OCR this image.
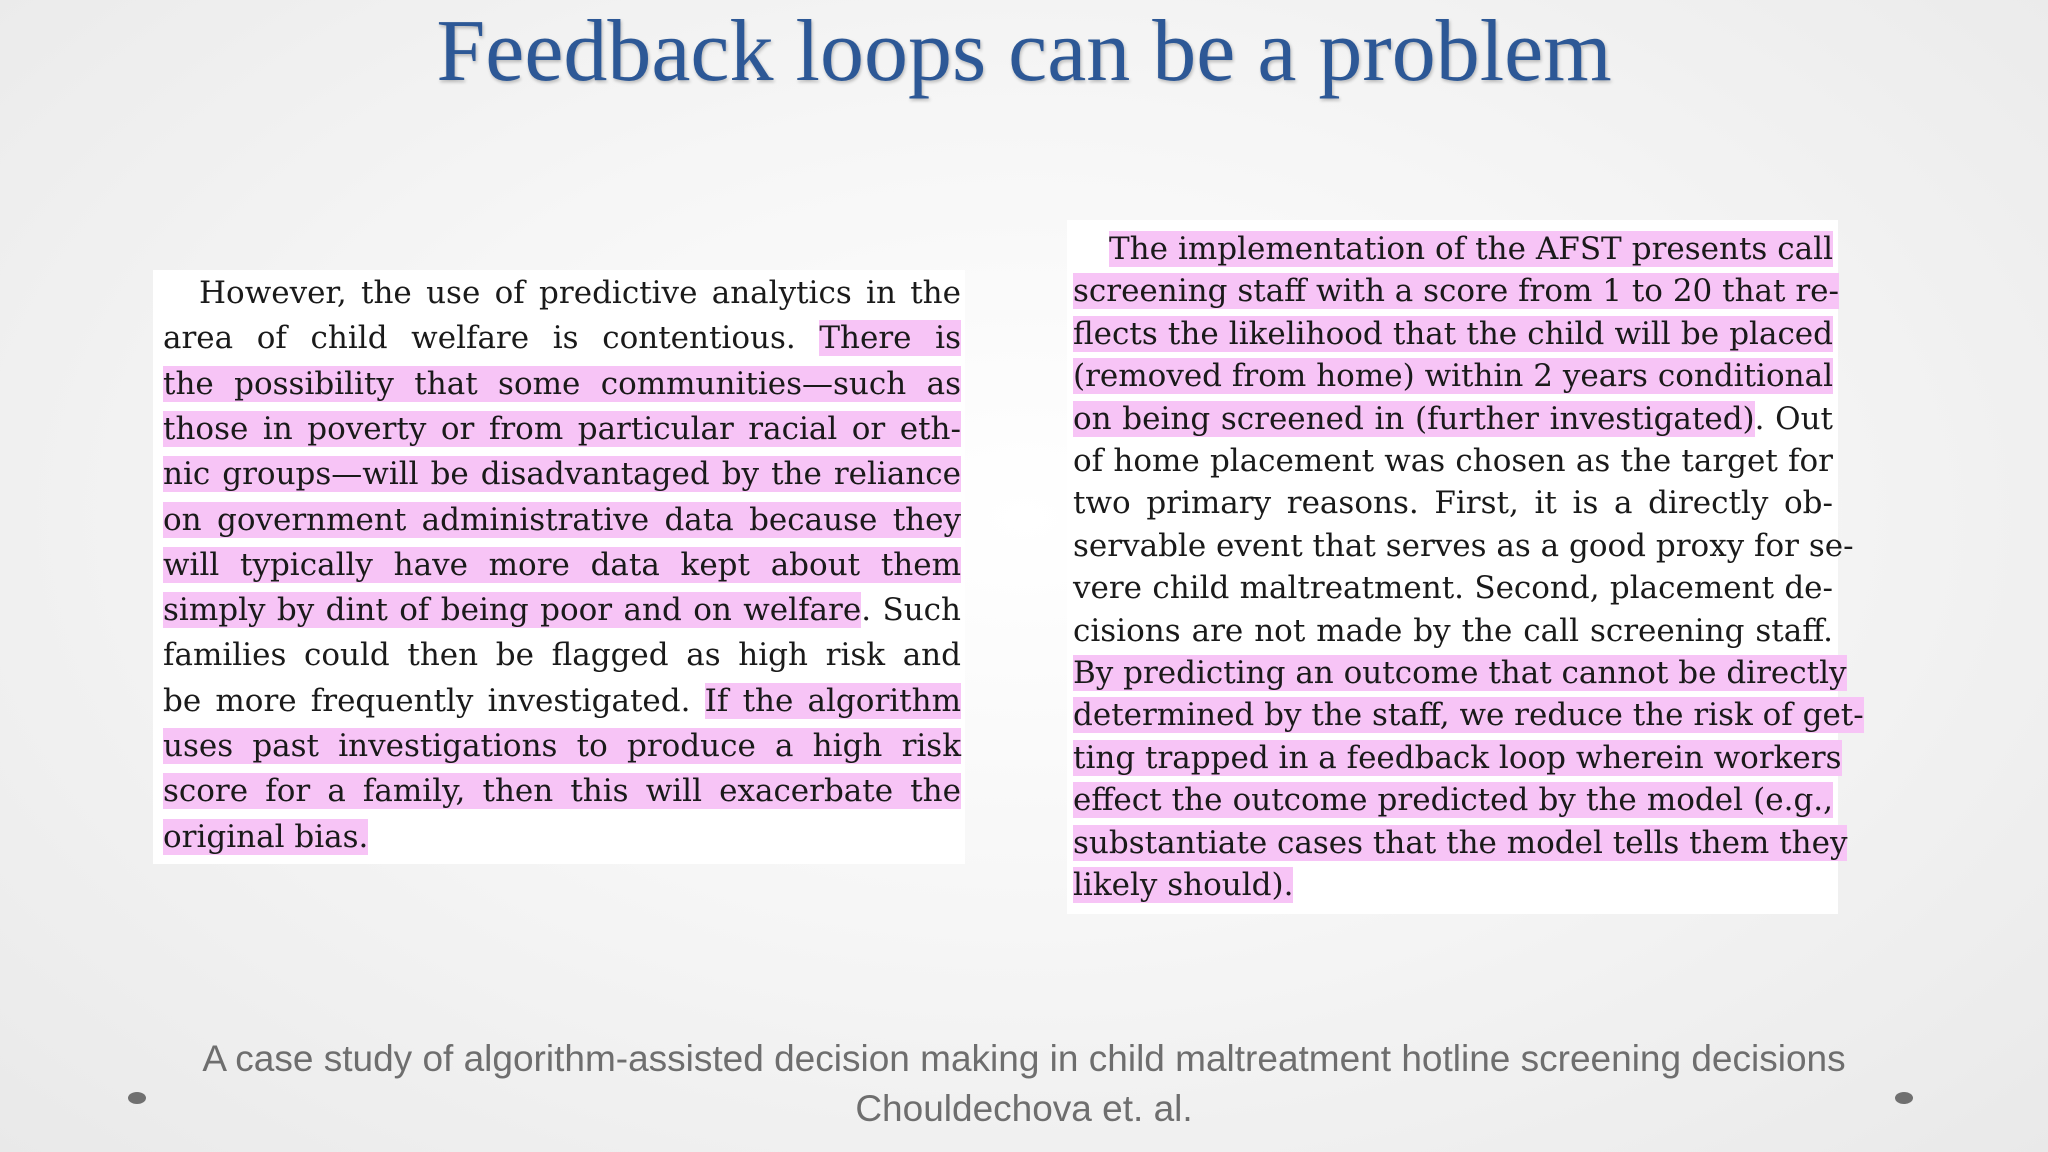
Feedback loops can be a problem
However, the use of predictive analytics in the
area of child welfare is contentious. There is
the possibility that some communities—such as
those in poverty or from particular racial or eth-
nic groups—will be disadvantaged by the reliance
on government administrative data because they
will typically have more data kept about them
simply by dint of being poor and on welfare. Such
families could then be flagged as high risk and
be more frequently investigated. If the algorithm
uses past investigations to produce a high risk
score for a family, then this will exacerbate the
original bias.
The implementation of the AFST presents call
screening staff with a score from 1 to 20 that re-
flects the likelihood that the child will be placed
(removed from home) within 2 years conditional
on being screened in (further investigated). Out
of home placement was chosen as the target for
two primary reasons. First, it is a directly ob-
servable event that serves as a good proxy for se-
vere child maltreatment. Second, placement de-
cisions are not made by the call screening staff.
By predicting an outcome that cannot be directly
determined by the staff, we reduce the risk of get-
ting trapped in a feedback loop wherein workers
effect the outcome predicted by the model (e.g.,
substantiate cases that the model tells them they
likely should).
A case study of algorithm-assisted decision making in child maltreatment hotline screening decisions
Chouldechova et. al.
